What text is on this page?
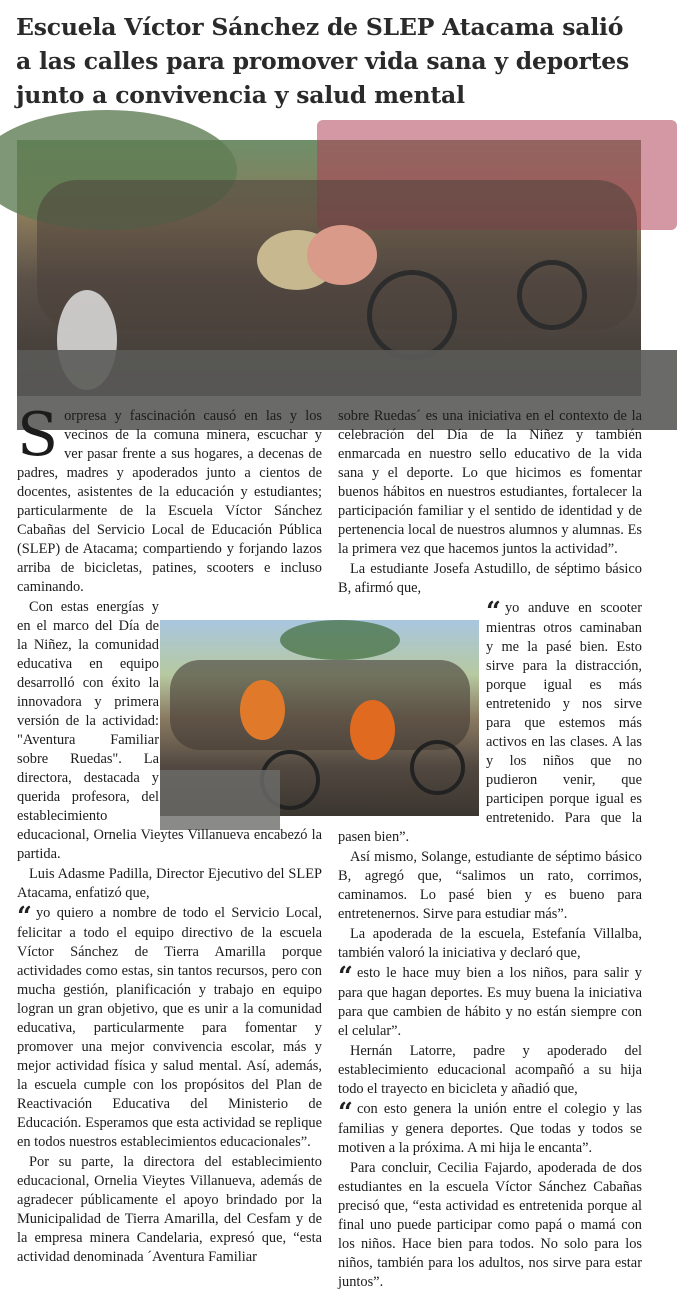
Escuela Víctor Sánchez de SLEP Atacama salió a las calles para promover vida sana y deportes junto a convivencia y salud mental

Sorpresa y fascinación causó en las y los vecinos de la comuna minera, escuchar y ver pasar frente a sus hogares, a decenas de padres, madres y apoderados junto a cientos de docentes, asistentes de la educación y estudiantes; particularmente de la Escuela Víctor Sánchez Cabañas del Servicio Local de Educación Pública (SLEP) de Atacama; compartiendo y forjando lazos arriba de bicicletas, patines, scooters e incluso caminando.

Con estas energías y en el marco del Día de la Niñez, la comunidad educativa en equipo desarrolló con éxito la innovadora y primera versión de la actividad: "Aventura Familiar sobre Ruedas". La directora, destacada y querida profesora, del establecimiento educacional, Ornelia Vieytes Villanueva encabezó la partida.

Luis Adasme Padilla, Director Ejecutivo del SLEP Atacama, enfatizó que,

“ yo quiero a nombre de todo el Servicio Local, felicitar a todo el equipo directivo de la escuela Víctor Sánchez de Tierra Amarilla porque actividades como estas, sin tantos recursos, pero con mucha gestión, planificación y trabajo en equipo logran un gran objetivo, que es unir a la comunidad educativa, particularmente para fomentar y promover una mejor convivencia escolar, más y mejor actividad física y salud mental. Así, además, la escuela cumple con los propósitos del Plan de Reactivación Educativa del Ministerio de Educación. Esperamos que esta actividad se replique en todos nuestros establecimientos educacionales”.

Por su parte, la directora del establecimiento educacional, Ornelia Vieytes Villanueva, además de agradecer públicamente el apoyo brindado por la Municipalidad de Tierra Amarilla, del Cesfam y de la empresa minera Candelaria, expresó que, “esta actividad denominada ´Aventura Familiar

sobre Ruedas´ es una iniciativa en el contexto de la celebración del Día de la Niñez y también enmarcada en nuestro sello educativo de la vida sana y el deporte. Lo que hicimos es fomentar buenos hábitos en nuestros estudiantes, fortalecer la participación familiar y el sentido de identidad y de pertenencia local de nuestros alumnos y alumnas. Es la primera vez que hacemos juntos la actividad”.

La estudiante Josefa Astudillo, de séptimo básico B, afirmó que,

“ yo anduve en scooter mientras otros caminaban y me la pasé bien. Esto sirve para la distracción, porque igual es más entretenido y nos sirve para que estemos más activos en las clases. A las y los niños que no pudieron venir, que participen porque igual es entretenido. Para que la pasen bien”.

Así mismo, Solange, estudiante de séptimo básico B, agregó que, “salimos un rato, corrimos, caminamos. Lo pasé bien y es bueno para entretenernos. Sirve para estudiar más”.

La apoderada de la escuela, Estefanía Villalba, también valoró la iniciativa y declaró que,

“ esto le hace muy bien a los niños, para salir y para que hagan deportes. Es muy buena la iniciativa para que cambien de hábito y no están siempre con el celular”.

Hernán Latorre, padre y apoderado del establecimiento educacional acompañó a su hija todo el trayecto en bicicleta y añadió que,

“ con esto genera la unión entre el colegio y las familias y genera deportes. Que todas y todos se motiven a la próxima. A mi hija le encanta”.

Para concluir, Cecilia Fajardo, apoderada de dos estudiantes en la escuela Víctor Sánchez Cabañas precisó que, “esta actividad es entretenida porque al final uno puede participar como papá o mamá con los niños. Hace bien para todos. No solo para los niños, también para los adultos, nos sirve para estar juntos”.
